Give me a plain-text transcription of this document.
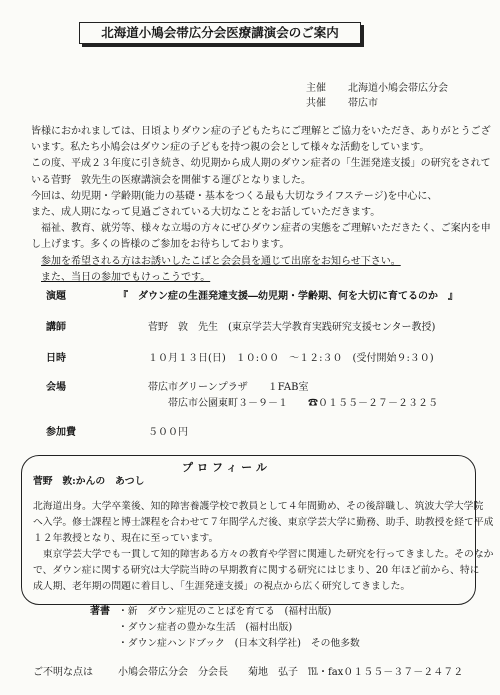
北海道小鳩会帯広分会医療講演会のご案内
主催 北海道小鳩会帯広分会
共催 帯広市
皆様におかれましては、日頃よりダウン症の子どもたちにご理解とご協力をいただき、ありがとうござ
います。私たち小鳩会はダウン症の子どもを持つ親の会として様々な活動をしています。
この度、平成２３年度に引き続き、幼児期から成人期のダウン症者の「生涯発達支援」の研究をされて
いる菅野　敦先生の医療講演会を開催する運びとなりました。
今回は、幼児期・学齢期(能力の基礎・基本をつくる最も大切なライフステージ)を中心に、
また、成人期になって見過ごされている大切なことをお話していただきます。
　福祉、教育、就労等、様々な立場の方々にぜひダウン症者の実態をご理解いただきたく、ご案内を申
し上げます。多くの皆様のご参加をお待ちしております。
参加を希望される方はお誘いしたこばと会会員を通じて出席をお知らせ下さい。
また、当日の参加でもけっこうです。
演題	『　ダウン症の生涯発達支援―幼児期・学齢期、何を大切に育てるのか　』
講師	菅野　敦　先生　(東京学芸大学教育実践研究支援センター教授)
日時	１０月１３日(日)　１０:００　～１２:３０　(受付開始９:３０)
会場	帯広市グリーンプラザ　　１FAB室
帯広市公園東町３－９－１　　☎０１５５－２７－２３２５
参加費	５００円
プロフィール
菅野　敦:かんの　あつし
北海道出身。大学卒業後、知的障害養護学校で教員として４年間勤め、その後辞職し、筑波大学大学院
へ入学。修士課程と博士課程を合わせて７年間学んだ後、東京学芸大学に勤務、助手、助教授を経て平成
１２年教授となり、現在に至っています。
　東京学芸大学でも一貫して知的障害ある方々の教育や学習に関連した研究を行ってきました。そのなか
で、ダウン症に関する研究は大学院当時の早期教育に関する研究にはじまり、20 年ほど前から、特に
成人期、老年期の問題に着目し、「生涯発達支援」の視点から広く研究してきました。
著書 ・新　ダウン症児のことばを育てる　(福村出版)
・ダウン症者の豊かな生活　(福村出版)
・ダウン症ハンドブック　(日本文科学社)　その他多数
ご不明な点は	小鳩会帯広分会　分会長　　菊地　弘子　℡・fax０１５５－３７－２４７２
